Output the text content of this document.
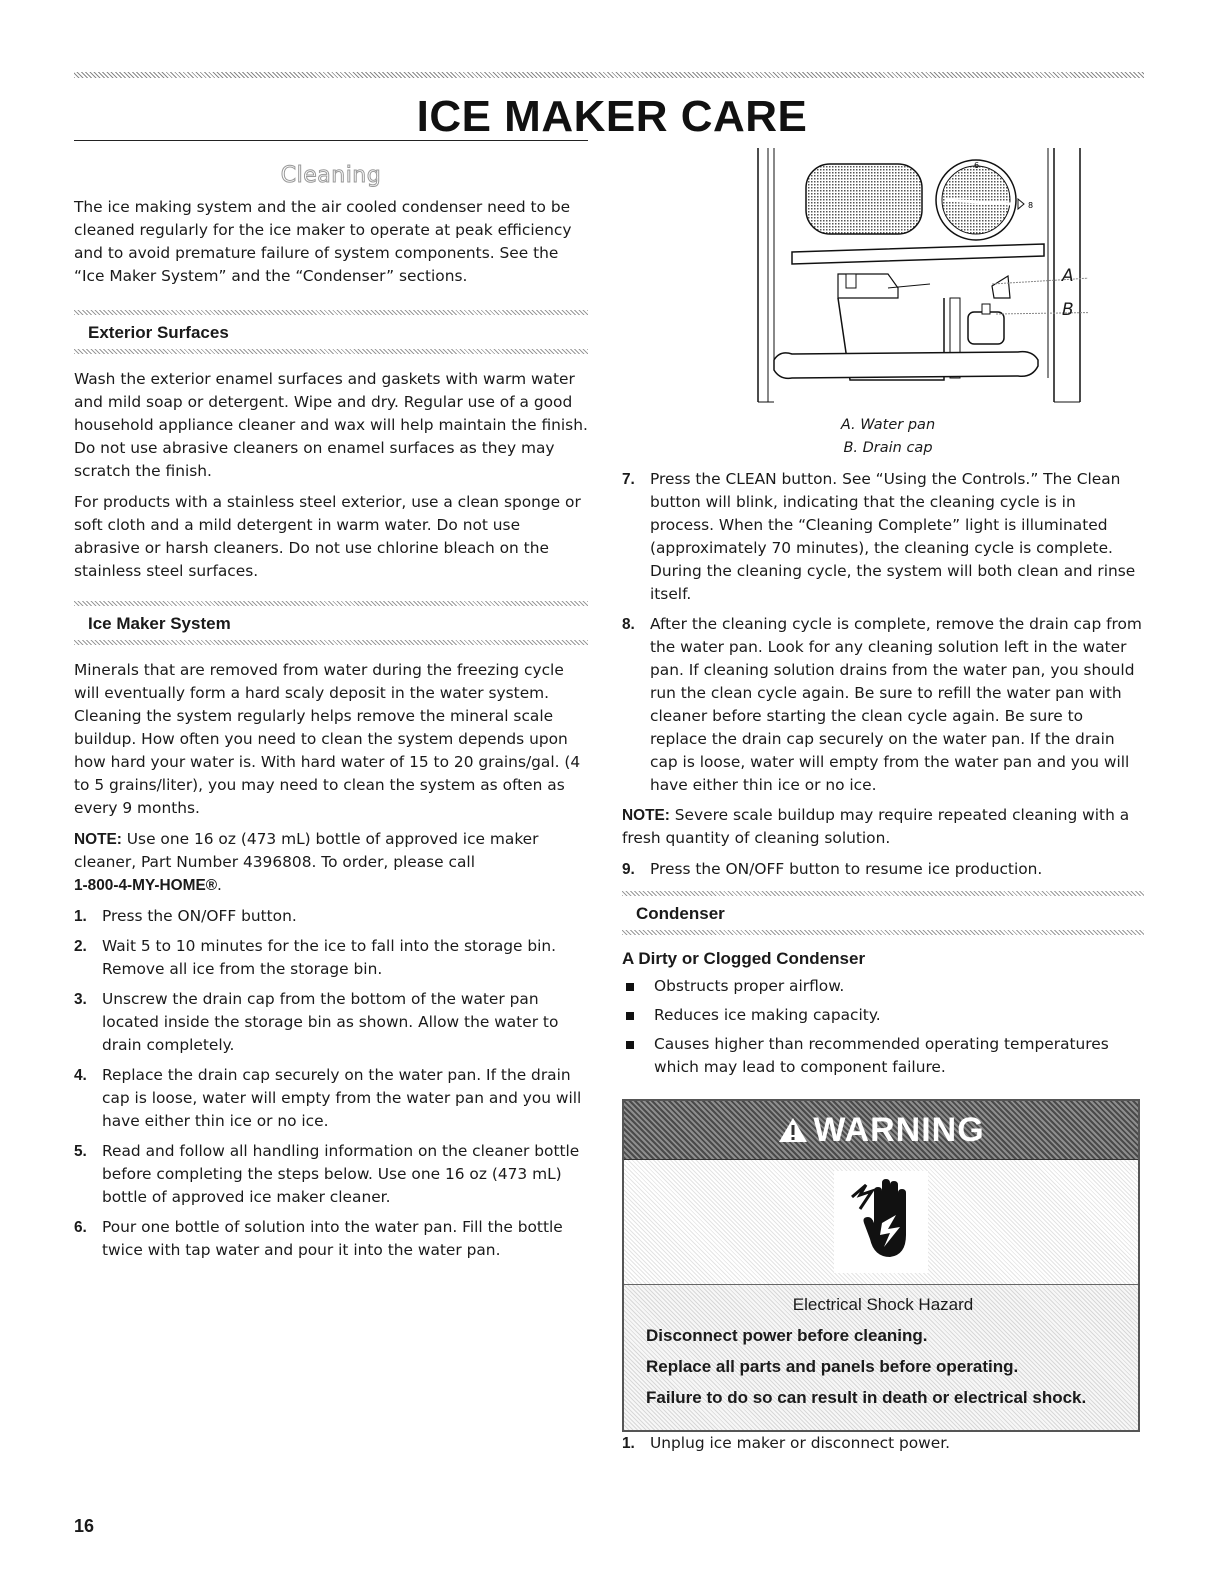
ICE MAKER CARE
Cleaning

The ice making system and the air cooled condenser need to be cleaned regularly for the ice maker to operate at peak efficiency and to avoid premature failure of system components. See the “Ice Maker System” and the “Condenser” sections.

Exterior Surfaces

Wash the exterior enamel surfaces and gaskets with warm water and mild soap or detergent. Wipe and dry. Regular use of a good household appliance cleaner and wax will help maintain the finish. Do not use abrasive cleaners on enamel surfaces as they may scratch the finish.

For products with a stainless steel exterior, use a clean sponge or soft cloth and a mild detergent in warm water. Do not use abrasive or harsh cleaners. Do not use chlorine bleach on the stainless steel surfaces.

Ice Maker System

Minerals that are removed from water during the freezing cycle will eventually form a hard scaly deposit in the water system. Cleaning the system regularly helps remove the mineral scale buildup. How often you need to clean the system depends upon how hard your water is. With hard water of 15 to 20 grains/gal. (4 to 5 grains/liter), you may need to clean the system as often as every 9 months.

NOTE: Use one 16 oz (473 mL) bottle of approved ice maker cleaner, Part Number 4396808. To order, please call
1-800-4-MY-HOME®.

1. Press the ON/OFF button.
2. Wait 5 to 10 minutes for the ice to fall into the storage bin. Remove all ice from the storage bin.
3. Unscrew the drain cap from the bottom of the water pan located inside the storage bin as shown. Allow the water to drain completely.
4. Replace the drain cap securely on the water pan. If the drain cap is loose, water will empty from the water pan and you will have either thin ice or no ice.
5. Read and follow all handling information on the cleaner bottle before completing the steps below. Use one 16 oz (473 mL) bottle of approved ice maker cleaner.
6. Pour one bottle of solution into the water pan. Fill the bottle twice with tap water and pour it into the water pan.
6
8
A. Water pan
B. Drain cap
A
B
7. Press the CLEAN button. See “Using the Controls.” The Clean button will blink, indicating that the cleaning cycle is in process. When the “Cleaning Complete” light is illuminated (approximately 70 minutes), the cleaning cycle is complete. During the cleaning cycle, the system will both clean and rinse itself.
8. After the cleaning cycle is complete, remove the drain cap from the water pan. Look for any cleaning solution left in the water pan. If cleaning solution drains from the water pan, you should run the clean cycle again. Be sure to refill the water pan with cleaner before starting the clean cycle again. Be sure to replace the drain cap securely on the water pan. If the drain cap is loose, water will empty from the water pan and you will have either thin ice or no ice.

NOTE: Severe scale buildup may require repeated cleaning with a fresh quantity of cleaning solution.

9. Press the ON/OFF button to resume ice production.
Condenser
A Dirty or Clogged Condenser
Obstructs proper airflow.
Reduces ice making capacity.
Causes higher than recommended operating temperatures which may lead to component failure.
WARNING
Electrical Shock Hazard
Disconnect power before cleaning.
Replace all parts and panels before operating.
Failure to do so can result in death or electrical shock.
1. Unplug ice maker or disconnect power.
16
